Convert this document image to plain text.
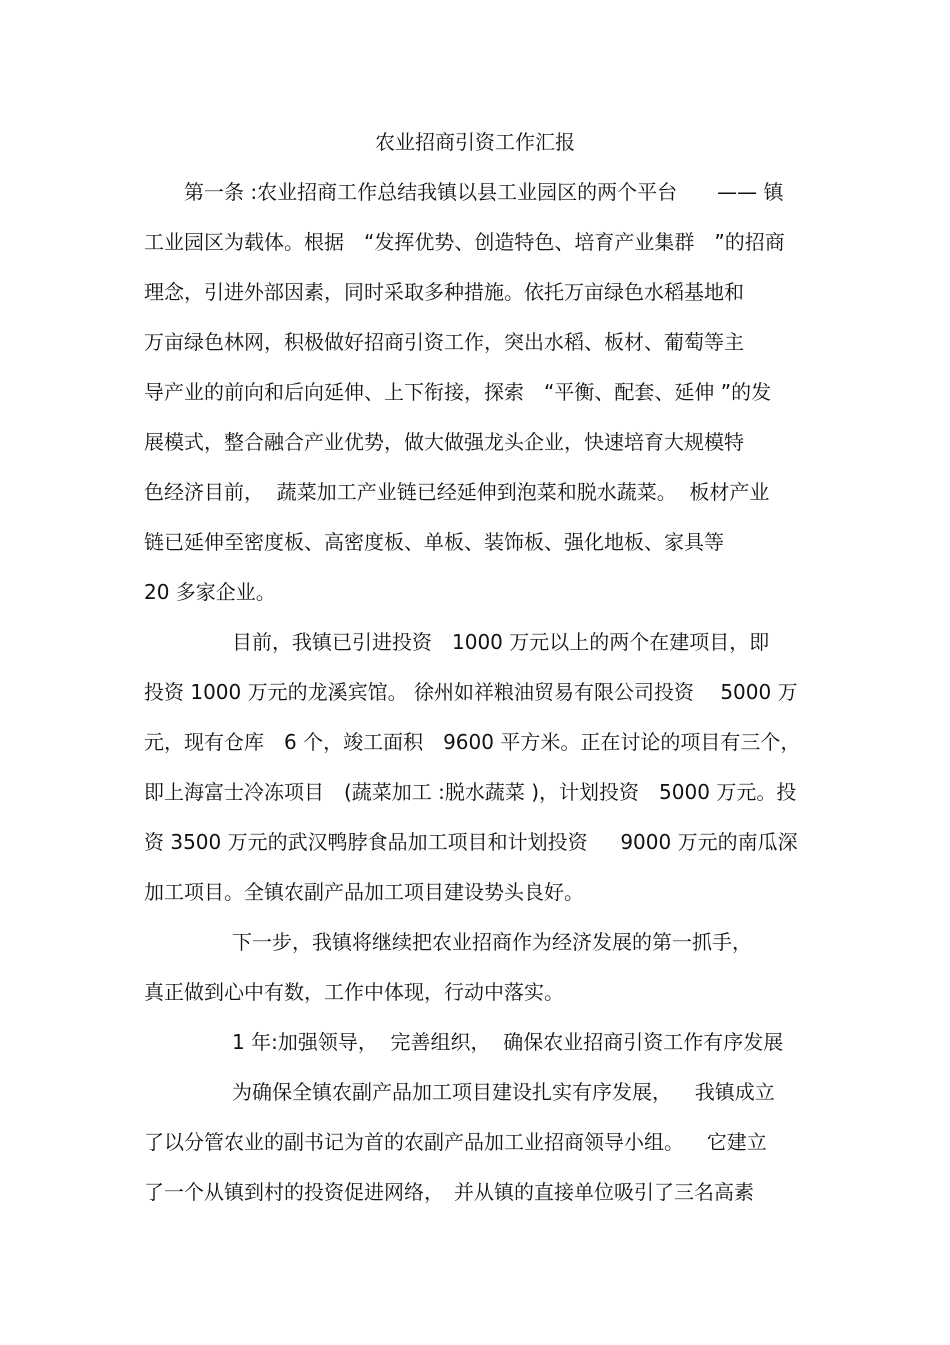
农业招商引资工作汇报
　　第一条 :农业招商工作总结我镇以县工业园区的两个平台　　—— 镇
工业园区为载体。根据　“发挥优势、创造特色、培育产业集群　”的招商
理念，引进外部因素，同时采取多种措施。依托万亩绿色水稻基地和
万亩绿色林网，积极做好招商引资工作，突出水稻、板材、葡萄等主
导产业的前向和后向延伸、上下衔接，探索　“平衡、配套、延伸 ”的发
展模式，整合融合产业优势，做大做强龙头企业，快速培育大规模特
色经济目前，  蔬菜加工产业链已经延伸到泡菜和脱水蔬菜。  板材产业
链已延伸至密度板、高密度板、单板、装饰板、强化地板、家具等
20 多家企业。
目前，我镇已引进投资　1000 万元以上的两个在建项目，即
投资 1000 万元的龙溪宾馆。 徐州如祥粮油贸易有限公司投资　 5000 万
元，现有仓库　6 个，竣工面积　9600 平方米。正在讨论的项目有三个，
即上海富士冷冻项目　(蔬菜加工 :脱水蔬菜 )，计划投资　5000 万元。投
资 3500 万元的武汉鸭脖食品加工项目和计划投资　  9000 万元的南瓜深
加工项目。全镇农副产品加工项目建设势头良好。
下一步，我镇将继续把农业招商作为经济发展的第一抓手，
真正做到心中有数，工作中体现，行动中落实。
1 年:加强领导，  完善组织，  确保农业招商引资工作有序发展
为确保全镇农副产品加工项目建设扎实有序发展，　  我镇成立
了以分管农业的副书记为首的农副产品加工业招商领导小组。　  它建立
了一个从镇到村的投资促进网络，　并从镇的直接单位吸引了三名高素
